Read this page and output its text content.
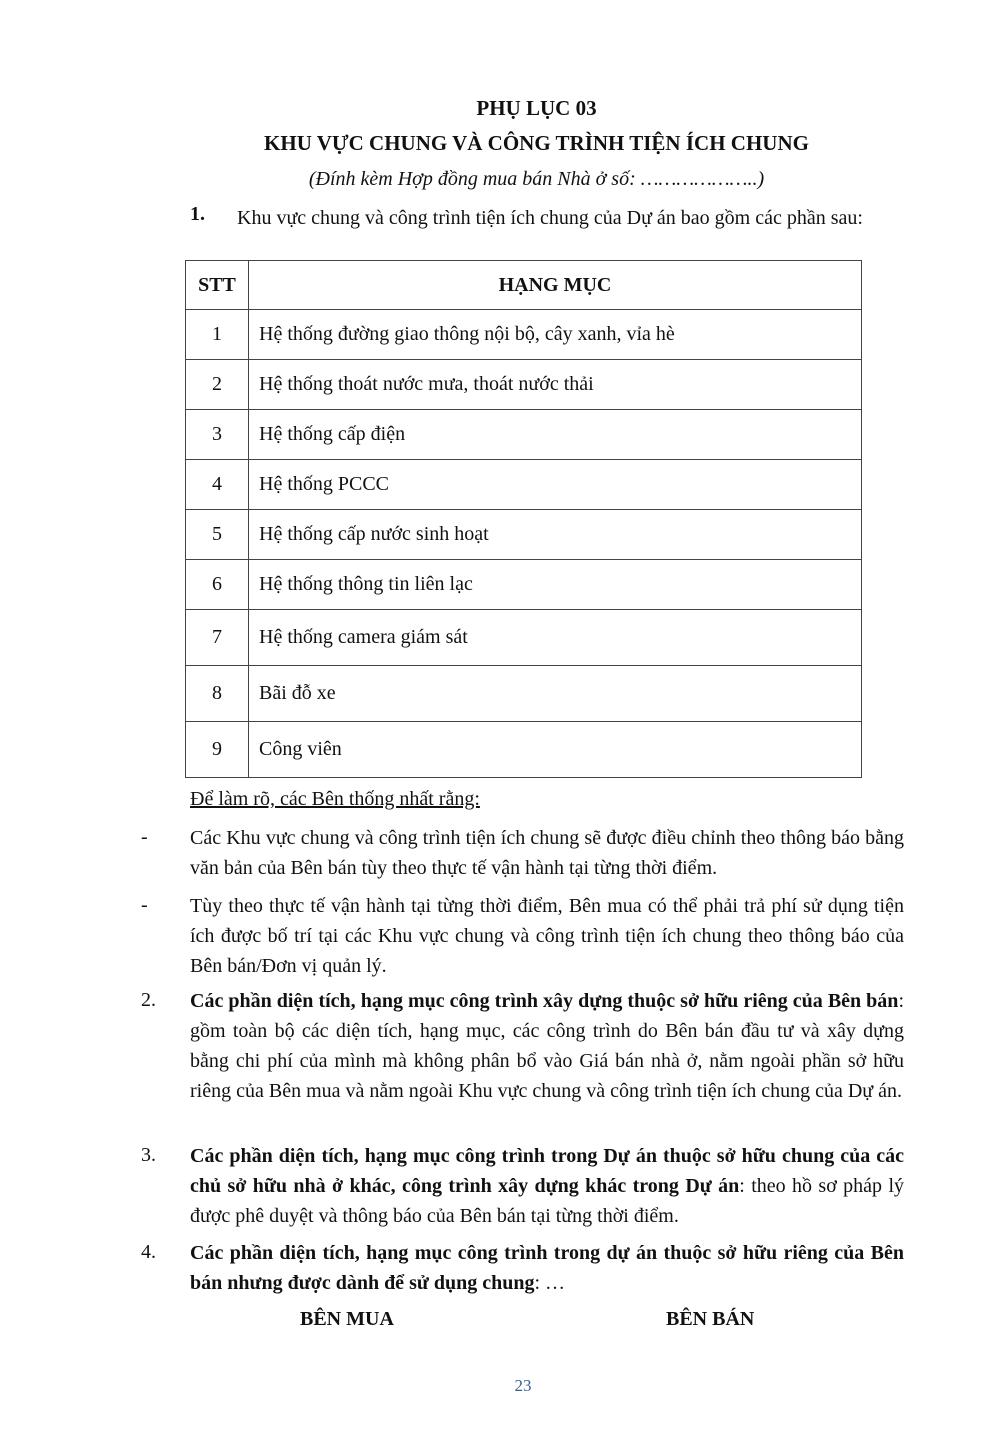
PHỤ LỤC 03
KHU VỰC CHUNG VÀ CÔNG TRÌNH TIỆN ÍCH CHUNG
(Đính kèm Hợp đồng mua bán Nhà ở số: ………………..)
1. Khu vực chung và công trình tiện ích chung của Dự án bao gồm các phần sau:
STT	HẠNG MỤC
1	Hệ thống đường giao thông nội bộ, cây xanh, vỉa hè
2	Hệ thống thoát nước mưa, thoát nước thải
3	Hệ thống cấp điện
4	Hệ thống PCCC
5	Hệ thống cấp nước sinh hoạt
6	Hệ thống thông tin liên lạc
7	Hệ thống camera giám sát
8	Bãi đỗ xe
9	Công viên
Để làm rõ, các Bên thống nhất rằng:
- Các Khu vực chung và công trình tiện ích chung sẽ được điều chỉnh theo thông báo bằng văn bản của Bên bán tùy theo thực tế vận hành tại từng thời điểm.
- Tùy theo thực tế vận hành tại từng thời điểm, Bên mua có thể phải trả phí sử dụng tiện ích được bố trí tại các Khu vực chung và công trình tiện ích chung theo thông báo của Bên bán/Đơn vị quản lý.
2. Các phần diện tích, hạng mục công trình xây dựng thuộc sở hữu riêng của Bên bán: gồm toàn bộ các diện tích, hạng mục, các công trình do Bên bán đầu tư và xây dựng bằng chi phí của mình mà không phân bổ vào Giá bán nhà ở, nằm ngoài phần sở hữu riêng của Bên mua và nằm ngoài Khu vực chung và công trình tiện ích chung của Dự án.
3. Các phần diện tích, hạng mục công trình trong Dự án thuộc sở hữu chung của các chủ sở hữu nhà ở khác, công trình xây dựng khác trong Dự án: theo hồ sơ pháp lý được phê duyệt và thông báo của Bên bán tại từng thời điểm.
4. Các phần diện tích, hạng mục công trình trong dự án thuộc sở hữu riêng của Bên bán nhưng được dành để sử dụng chung: …
BÊN MUA	BÊN BÁN
23
